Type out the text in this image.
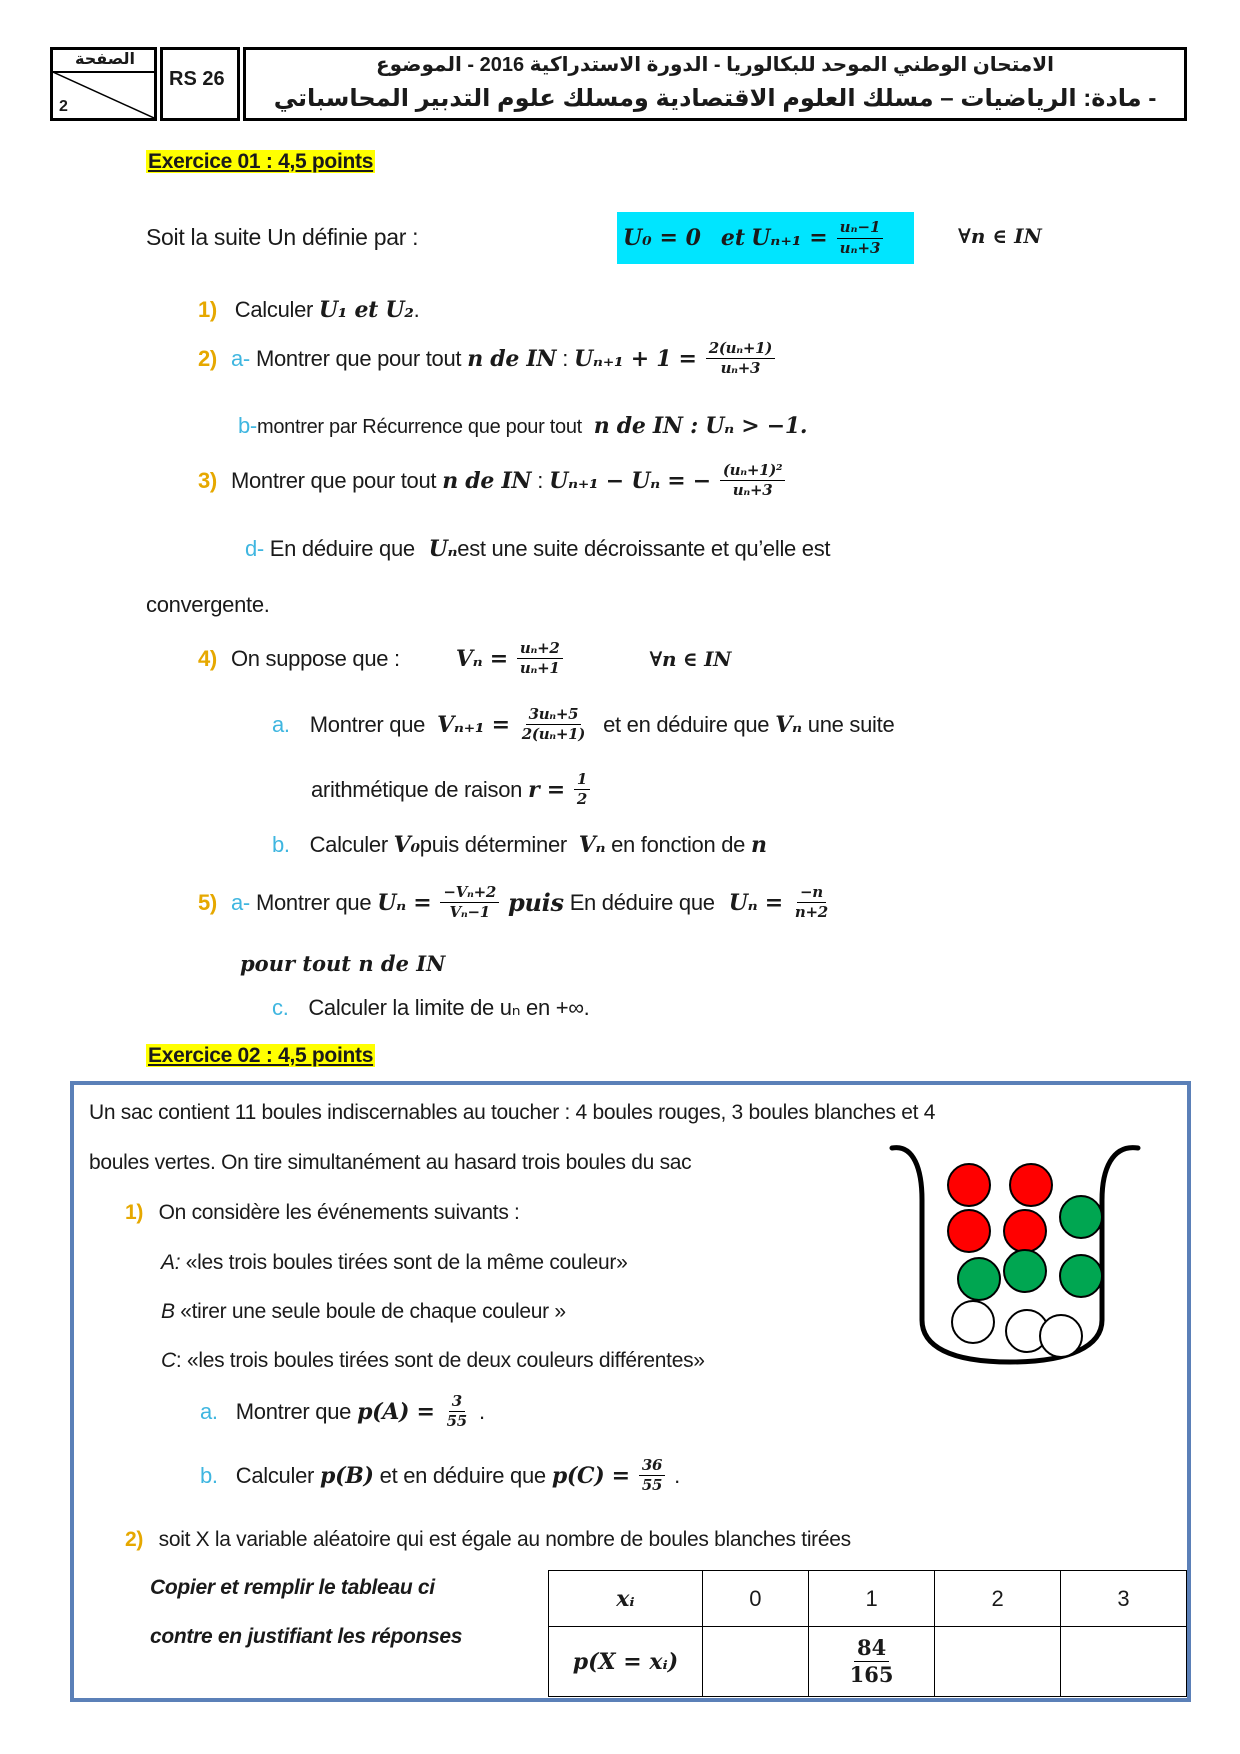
الصفحة
2
RS 26
الامتحان الوطني الموحد للبكالوريا - الدورة الاستدراكية 2016 - الموضوع
- مادة: الرياضيات – مسلك العلوم الاقتصادية ومسلك علوم التدبير المحاسباتي
Exercice 01 : 4,5 points
Soit la suite Un définie par :	U₀ = 0 et $U_{n+1} = \frac{\text{uₙ−1}}{\text{uₙ+3}}$	∀n ∈ IN
1) Calculer U₁ et U₂.
2) a- Montrer que pour tout n de IN : $U_{n+1} + 1 = \frac{\text{2(uₙ+1)}}{\text{uₙ+3}}$
b-montrer par Récurrence que pour tout n de IN : Uₙ > −1.
3) Montrer que pour tout n de IN : Uₙ₊₁ − Uₙ = − $\frac{\text{(uₙ+1)²}}{\text{uₙ+3}}$
d- En déduire que Uₙest une suite décroissante et qu’elle est
convergente.
4) On suppose que :	$V_n = \frac{\text{uₙ+2}}{\text{uₙ+1}}$	∀n ∈ IN
a. Montrer que $V_{n+1} = \frac{\text{3uₙ+5}}{\text{2(uₙ+1)}}$ et en déduire que Vₙ une suite
arithmétique de raison $r = \frac{1}{2}$
b. Calculer V₀puis déterminer Vₙ en fonction de n
5) a- Montrer que $U_n = \frac{\text{−Vₙ+2}}{\text{Vₙ−1}}$ puis En déduire que $U_n = \frac{-n}{n+2}$
pour tout n de IN
c. Calculer la limite de uₙ en +∞.
Exercice 02 : 4,5 points
Un sac contient 11 boules indiscernables au toucher : 4 boules rouges, 3 boules blanches et 4
boules vertes. On tire simultanément au hasard trois boules du sac
1) On considère les événements suivants :
A: «les trois boules tirées sont de la même couleur»
B «tirer une seule boule de chaque couleur »
C: «les trois boules tirées sont de deux couleurs différentes»
a. Montrer que $p(A) = \frac{3}{55}$ .
b. Calculer p(B) et en déduire que $p(C) = \frac{36}{55}$ .
2) soit X la variable aléatoire qui est égale au nombre de boules blanches tirées
Copier et remplir le tableau ci
contre en justifiant les réponses
xᵢ	0	1	2	3
p(X = xᵢ)		$\frac{84}{165}$
